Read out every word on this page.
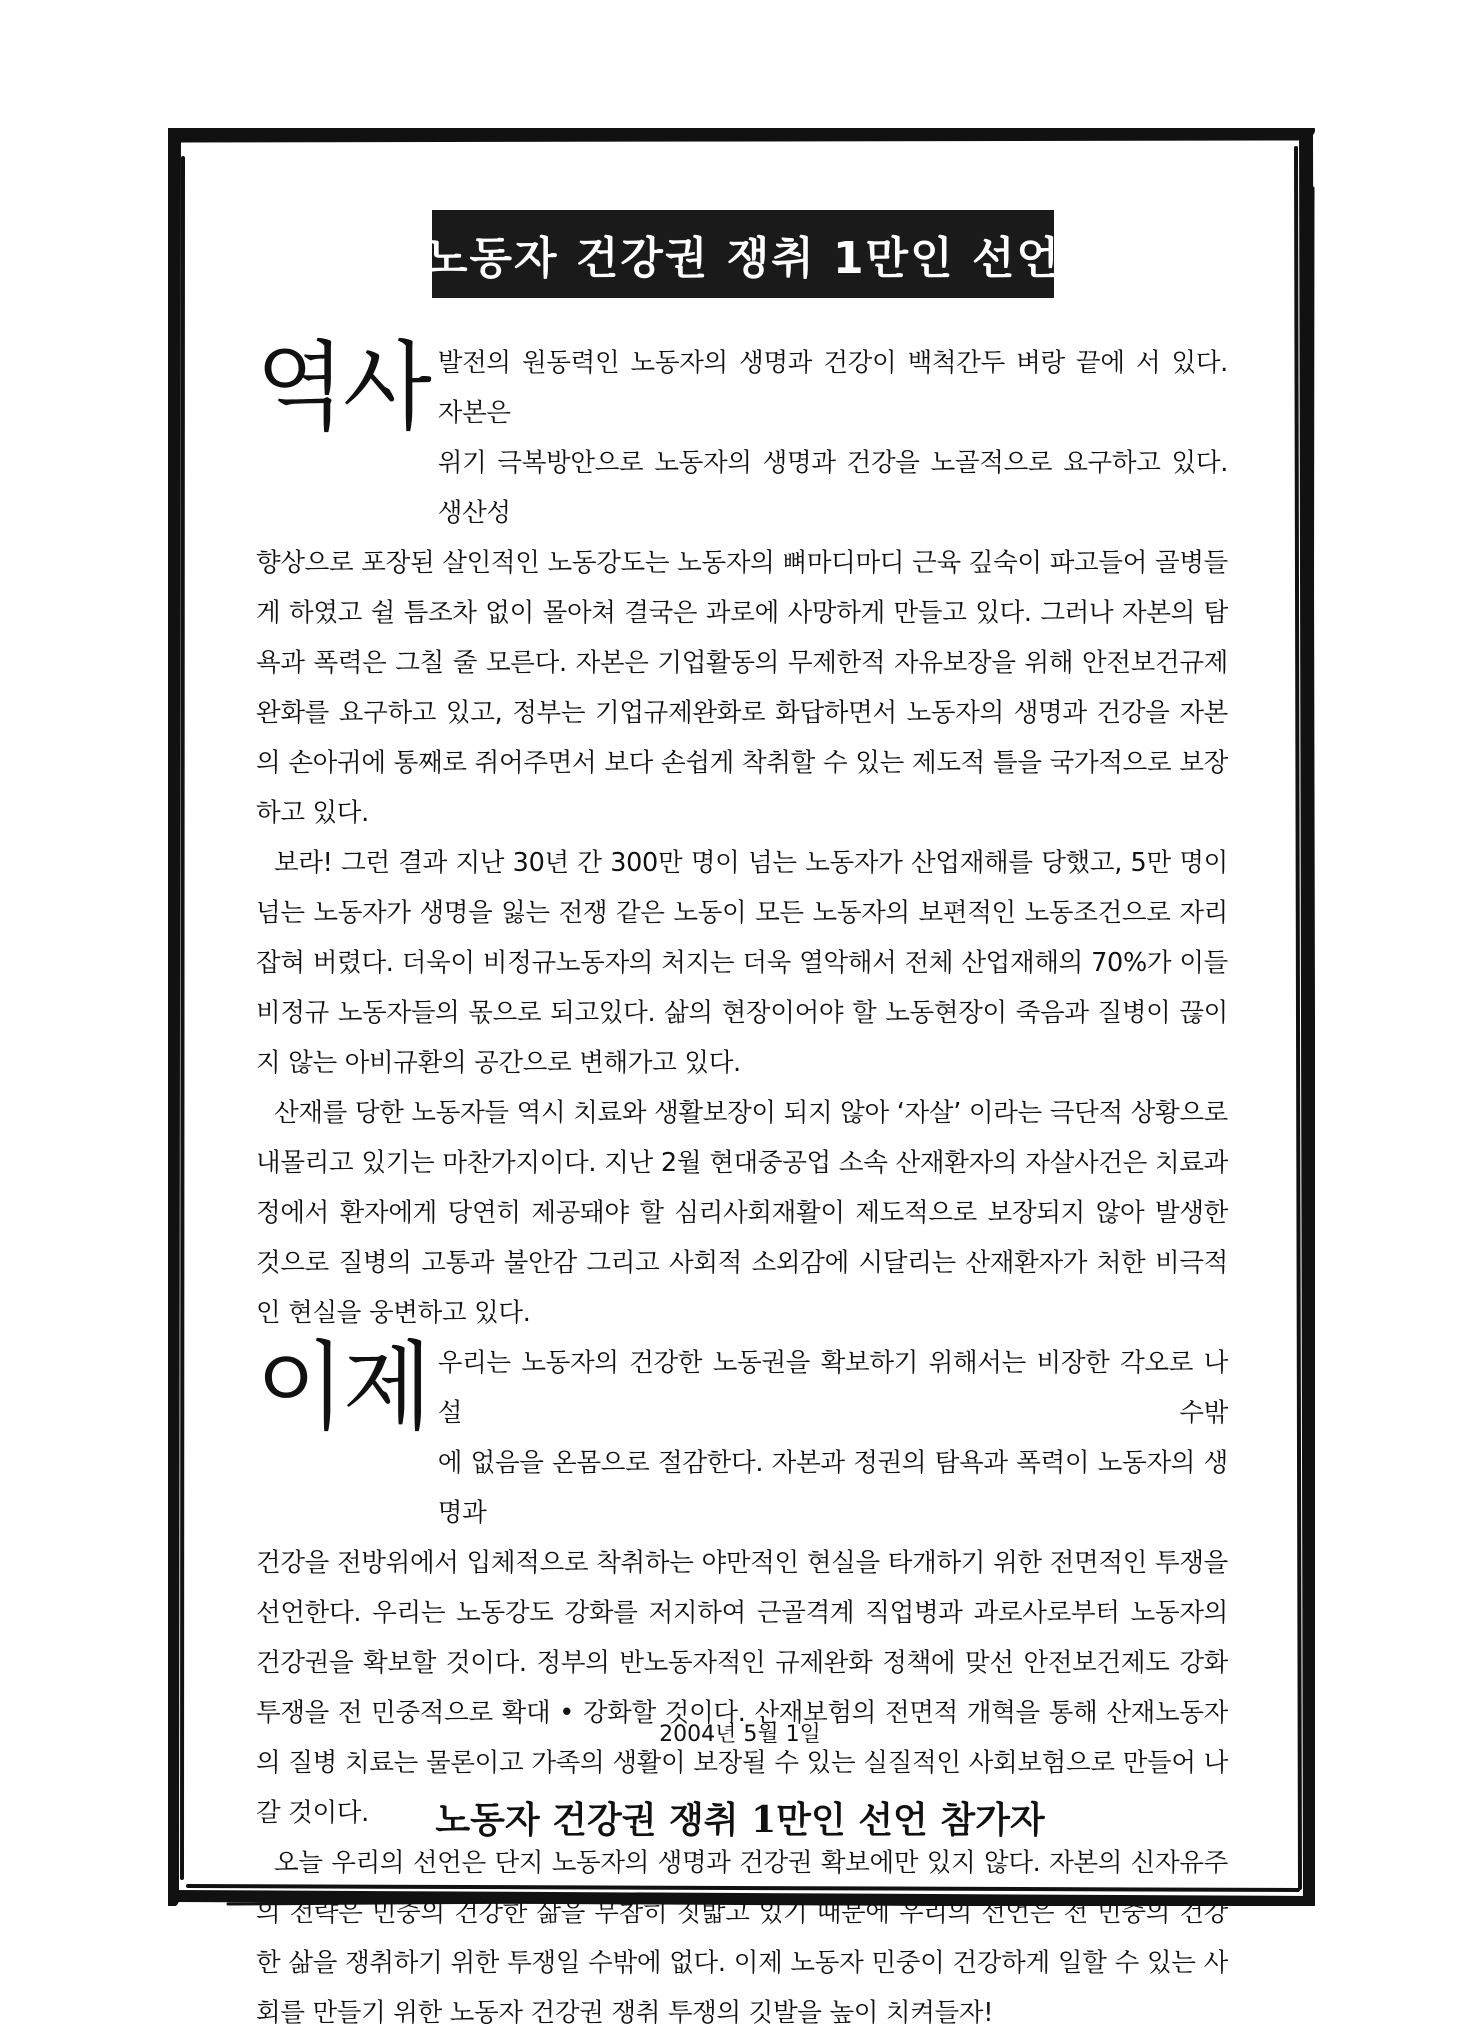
노동자 건강권 쟁취 1만인 선언
역사 발전의 원동력인 노동자의 생명과 건강이 백척간두 벼랑 끝에 서 있다. 자본은
위기 극복방안으로 노동자의 생명과 건강을 노골적으로 요구하고 있다. 생산성

향상으로 포장된 살인적인 노동강도는 노동자의 뼈마디마디 근육 깊숙이 파고들어 골병들게 하였고 쉴 틈조차 없이 몰아쳐 결국은 과로에 사망하게 만들고 있다. 그러나 자본의 탐욕과 폭력은 그칠 줄 모른다. 자본은 기업활동의 무제한적 자유보장을 위해 안전보건규제완화를 요구하고 있고, 정부는 기업규제완화로 화답하면서 노동자의 생명과 건강을 자본의 손아귀에 통째로 쥐어주면서 보다 손쉽게 착취할 수 있는 제도적 틀을 국가적으로 보장하고 있다.

보라! 그런 결과 지난 30년 간 300만 명이 넘는 노동자가 산업재해를 당했고, 5만 명이 넘는 노동자가 생명을 잃는 전쟁 같은 노동이 모든 노동자의 보편적인 노동조건으로 자리잡혀 버렸다. 더욱이 비정규노동자의 처지는 더욱 열악해서 전체 산업재해의 70%가 이들 비정규 노동자들의 몫으로 되고있다. 삶의 현장이어야 할 노동현장이 죽음과 질병이 끊이지 않는 아비규환의 공간으로 변해가고 있다.

산재를 당한 노동자들 역시 치료와 생활보장이 되지 않아 ‘자살’ 이라는 극단적 상황으로 내몰리고 있기는 마찬가지이다. 지난 2월 현대중공업 소속 산재환자의 자살사건은 치료과정에서 환자에게 당연히 제공돼야 할 심리사회재활이 제도적으로 보장되지 않아 발생한 것으로 질병의 고통과 불안감 그리고 사회적 소외감에 시달리는 산재환자가 처한 비극적인 현실을 웅변하고 있다.

이제 우리는 노동자의 건강한 노동권을 확보하기 위해서는 비장한 각오로 나설 수밖
에 없음을 온몸으로 절감한다. 자본과 정권의 탐욕과 폭력이 노동자의 생명과

건강을 전방위에서 입체적으로 착취하는 야만적인 현실을 타개하기 위한 전면적인 투쟁을 선언한다. 우리는 노동강도 강화를 저지하여 근골격계 직업병과 과로사로부터 노동자의 건강권을 확보할 것이다. 정부의 반노동자적인 규제완화 정책에 맞선 안전보건제도 강화 투쟁을 전 민중적으로 확대 • 강화할 것이다. 산재보험의 전면적 개혁을 통해 산재노동자의 질병 치료는 물론이고 가족의 생활이 보장될 수 있는 실질적인 사회보험으로 만들어 나갈 것이다.

오늘 우리의 선언은 단지 노동자의 생명과 건강권 확보에만 있지 않다. 자본의 신자유주의 전략은 민중의 건강한 삶을 무참히 짓밟고 있기 때문에 우리의 선언은 전 민중의 건강한 삶을 쟁취하기 위한 투쟁일 수밖에 없다. 이제 노동자 민중이 건강하게 일할 수 있는 사회를 만들기 위한 노동자 건강권 쟁취 투쟁의 깃발을 높이 치켜들자!

2004년 5월 1일
노동자 건강권 쟁취 1만인 선언 참가자
